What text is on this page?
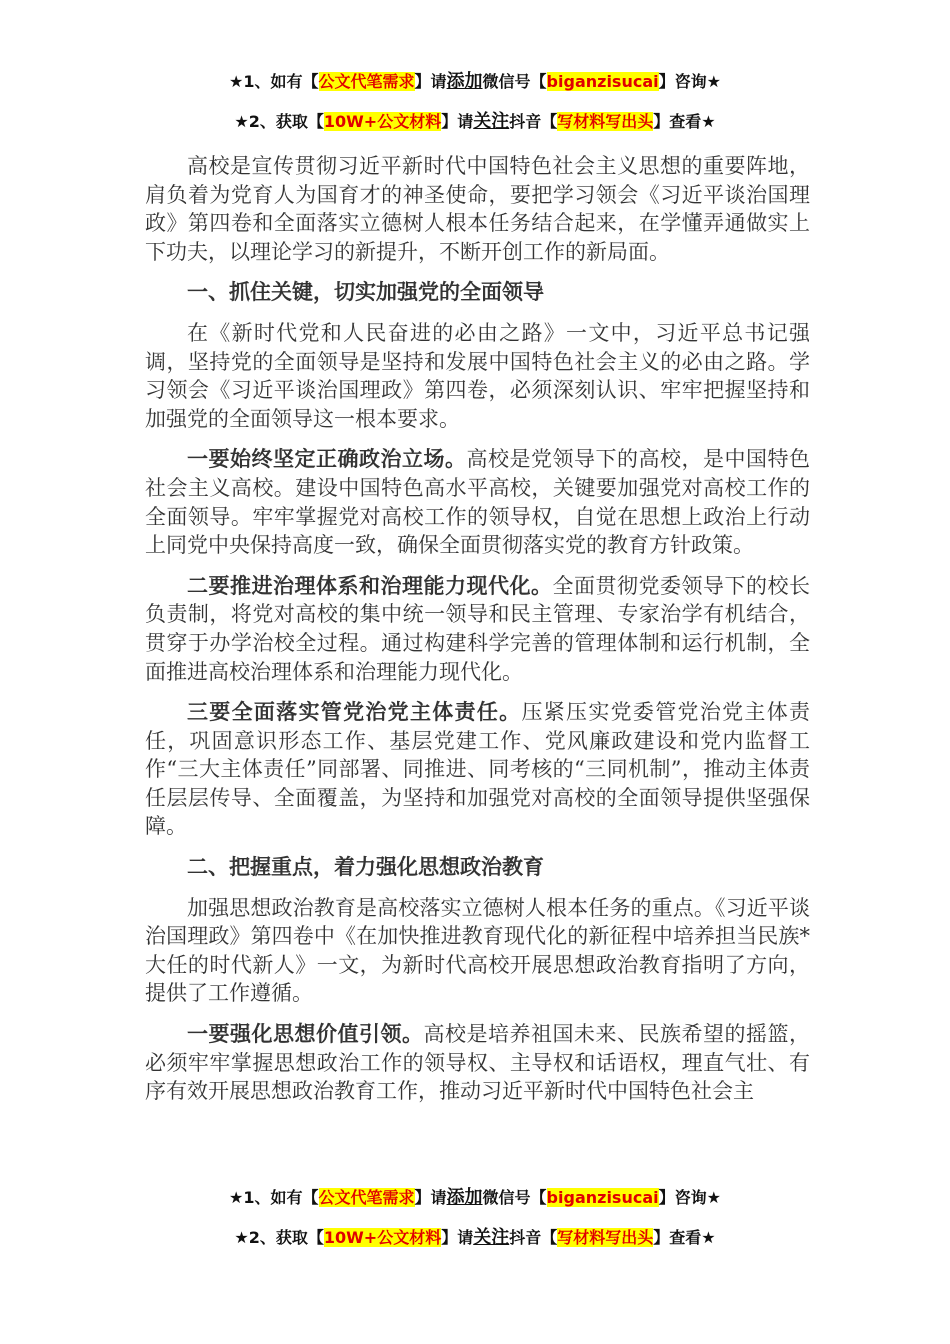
★1、如有【公文代笔需求】请添加微信号【biganzisucai】咨询★
★2、获取【10W+公文材料】请关注抖音【写材料写出头】查看★

高校是宣传贯彻习近平新时代中国特色社会主义思想的重要阵地，肩负着为党育人为国育才的神圣使命，要把学习领会《习近平谈治国理政》第四卷和全面落实立德树人根本任务结合起来，在学懂弄通做实上下功夫，以理论学习的新提升，不断开创工作的新局面。

一、抓住关键，切实加强党的全面领导

在《新时代党和人民奋进的必由之路》一文中，习近平总书记强调，坚持党的全面领导是坚持和发展中国特色社会主义的必由之路。学习领会《习近平谈治国理政》第四卷，必须深刻认识、牢牢把握坚持和加强党的全面领导这一根本要求。

一要始终坚定正确政治立场。高校是党领导下的高校，是中国特色社会主义高校。建设中国特色高水平高校，关键要加强党对高校工作的全面领导。牢牢掌握党对高校工作的领导权，自觉在思想上政治上行动上同党中央保持高度一致，确保全面贯彻落实党的教育方针政策。

二要推进治理体系和治理能力现代化。全面贯彻党委领导下的校长负责制，将党对高校的集中统一领导和民主管理、专家治学有机结合，贯穿于办学治校全过程。通过构建科学完善的管理体制和运行机制，全面推进高校治理体系和治理能力现代化。

三要全面落实管党治党主体责任。压紧压实党委管党治党主体责任，巩固意识形态工作、基层党建工作、党风廉政建设和党内监督工作“三大主体责任”同部署、同推进、同考核的“三同机制”，推动主体责任层层传导、全面覆盖，为坚持和加强党对高校的全面领导提供坚强保障。

二、把握重点，着力强化思想政治教育

加强思想政治教育是高校落实立德树人根本任务的重点。《习近平谈治国理政》第四卷中《在加快推进教育现代化的新征程中培养担当民族*大任的时代新人》一文，为新时代高校开展思想政治教育指明了方向，提供了工作遵循。

一要强化思想价值引领。高校是培养祖国未来、民族希望的摇篮，必须牢牢掌握思想政治工作的领导权、主导权和话语权，理直气壮、有序有效开展思想政治教育工作，推动习近平新时代中国特色社会主

★1、如有【公文代笔需求】请添加微信号【biganzisucai】咨询★
★2、获取【10W+公文材料】请关注抖音【写材料写出头】查看★
